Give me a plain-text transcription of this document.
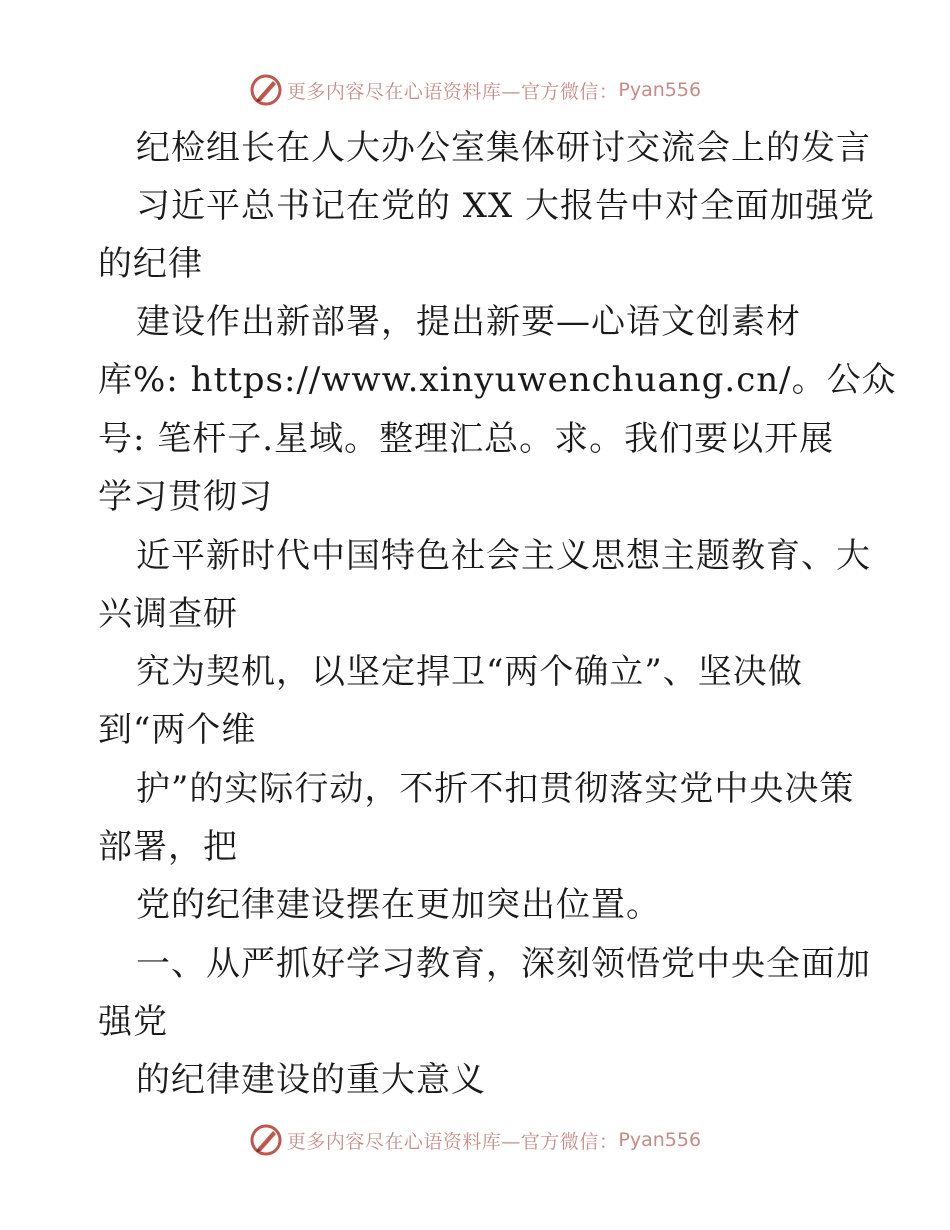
更多内容尽在心语资料库—官方微信： Pyan556
纪检组长在人大办公室集体研讨交流会上的发言
习近平总书记在党的 XX 大报告中对全面加强党
的纪律
建设作出新部署，提出新要—心语文创素材
库%: https://www.xinyuwenchuang.cn/。公众
号: 笔杆子.星域。整理汇总。求。我们要以开展
学习贯彻习
近平新时代中国特色社会主义思想主题教育、大
兴调查研
究为契机，以坚定捍卫“两个确立”、坚决做
到“两个维
护”的实际行动，不折不扣贯彻落实党中央决策
部署，把
党的纪律建设摆在更加突出位置。
一、从严抓好学习教育，深刻领悟党中央全面加
强党
的纪律建设的重大意义
更多内容尽在心语资料库—官方微信： Pyan556
